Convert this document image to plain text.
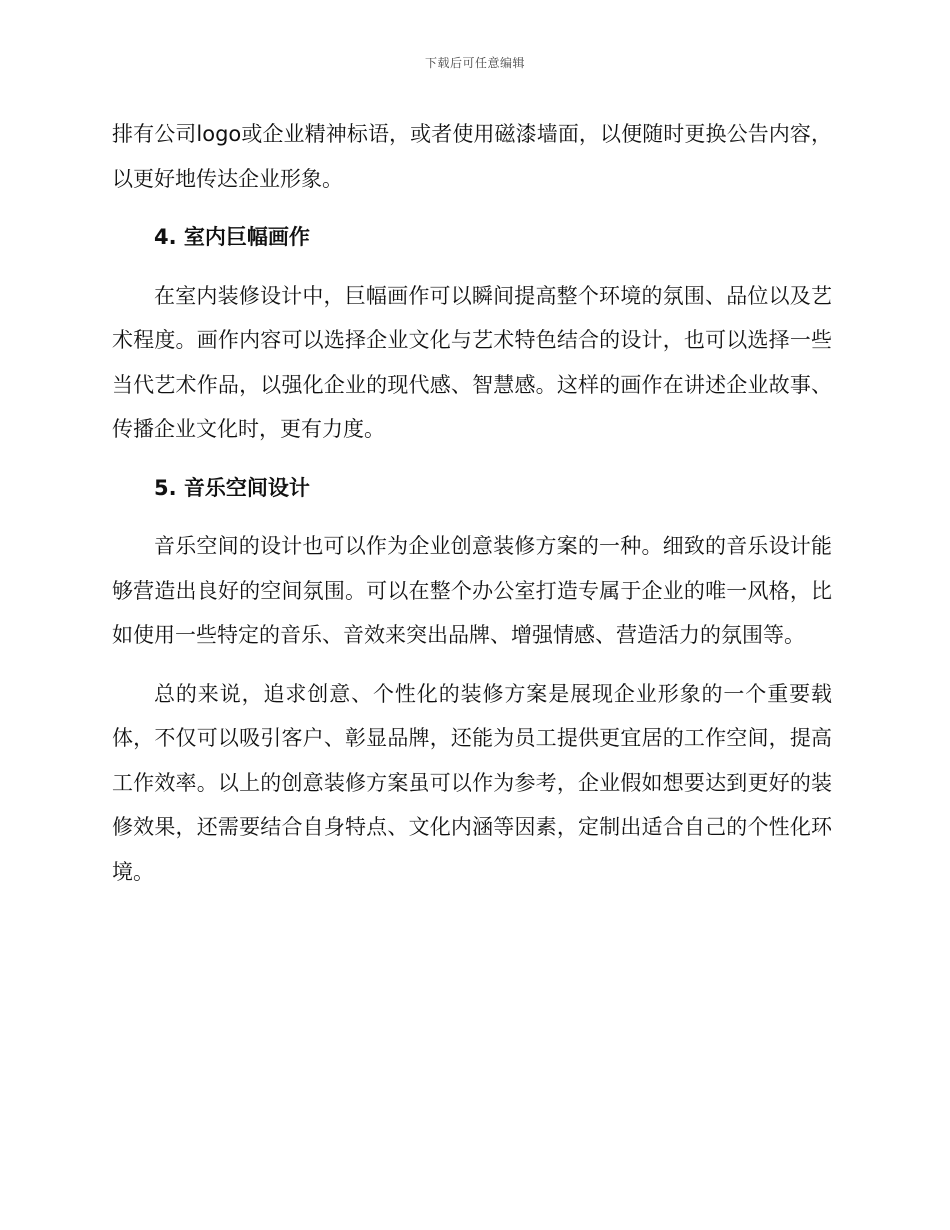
下载后可任意编辑

排有公司logo或企业精神标语，或者使用磁漆墙面，以便随时更换公告内容，以更好地传达企业形象。

4. 室内巨幅画作

在室内装修设计中，巨幅画作可以瞬间提高整个环境的氛围、品位以及艺术程度。画作内容可以选择企业文化与艺术特色结合的设计，也可以选择一些当代艺术作品，以强化企业的现代感、智慧感。这样的画作在讲述企业故事、传播企业文化时，更有力度。

5. 音乐空间设计

音乐空间的设计也可以作为企业创意装修方案的一种。细致的音乐设计能够营造出良好的空间氛围。可以在整个办公室打造专属于企业的唯一风格，比如使用一些特定的音乐、音效来突出品牌、增强情感、营造活力的氛围等。

总的来说，追求创意、个性化的装修方案是展现企业形象的一个重要载体，不仅可以吸引客户、彰显品牌，还能为员工提供更宜居的工作空间，提高工作效率。以上的创意装修方案虽可以作为参考，企业假如想要达到更好的装修效果，还需要结合自身特点、文化内涵等因素，定制出适合自己的个性化环境。
